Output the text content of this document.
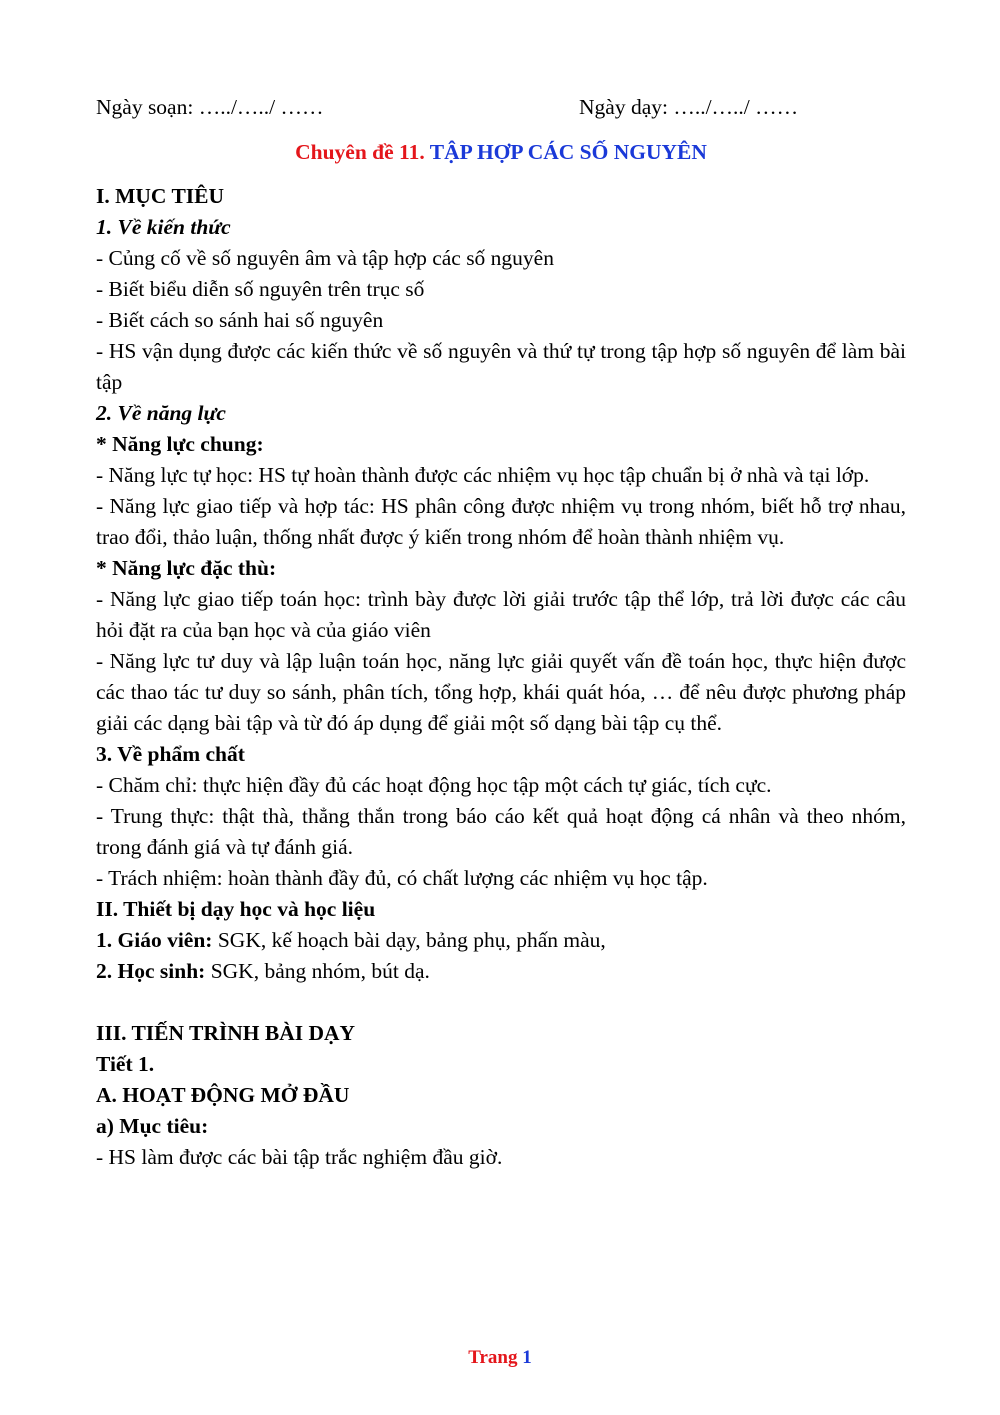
Ngày soạn: …../…../ ……	Ngày dạy: …../…../ ……
Chuyên đề 11. TẬP HỢP CÁC SỐ NGUYÊN

I. MỤC TIÊU

1. Về kiến thức

- Củng cố về số nguyên âm và tập hợp các số nguyên

- Biết biểu diễn số nguyên trên trục số

- Biết cách so sánh hai số nguyên

- HS vận dụng được các kiến thức về số nguyên và thứ tự trong tập hợp số nguyên để làm bài tập

2. Về năng lực

* Năng lực chung:

- Năng lực tự học: HS tự hoàn thành được các nhiệm vụ học tập chuẩn bị ở nhà và tại lớp.

- Năng lực giao tiếp và hợp tác: HS phân công được nhiệm vụ trong nhóm, biết hỗ trợ nhau, trao đổi, thảo luận, thống nhất được ý kiến trong nhóm để hoàn thành nhiệm vụ.

* Năng lực đặc thù:

- Năng lực giao tiếp toán học: trình bày được lời giải trước tập thể lớp, trả lời được các câu hỏi đặt ra của bạn học và của giáo viên

- Năng lực tư duy và lập luận toán học, năng lực giải quyết vấn đề toán học, thực hiện được các thao tác tư duy so sánh, phân tích, tổng hợp, khái quát hóa, … để nêu được phương pháp giải các dạng bài tập và từ đó áp dụng để giải một số dạng bài tập cụ thể.

3. Về phẩm chất

- Chăm chỉ: thực hiện đầy đủ các hoạt động học tập một cách tự giác, tích cực.

- Trung thực: thật thà, thẳng thắn trong báo cáo kết quả hoạt động cá nhân và theo nhóm, trong đánh giá và tự đánh giá.

- Trách nhiệm: hoàn thành đầy đủ, có chất lượng các nhiệm vụ học tập.

II. Thiết bị dạy học và học liệu

1. Giáo viên: SGK, kế hoạch bài dạy, bảng phụ, phấn màu,

2. Học sinh: SGK, bảng nhóm, bút dạ.

III. TIẾN TRÌNH BÀI DẠY

Tiết 1.

A. HOẠT ĐỘNG MỞ ĐẦU

a) Mục tiêu:

- HS làm được các bài tập trắc nghiệm đầu giờ.

Trang 1
